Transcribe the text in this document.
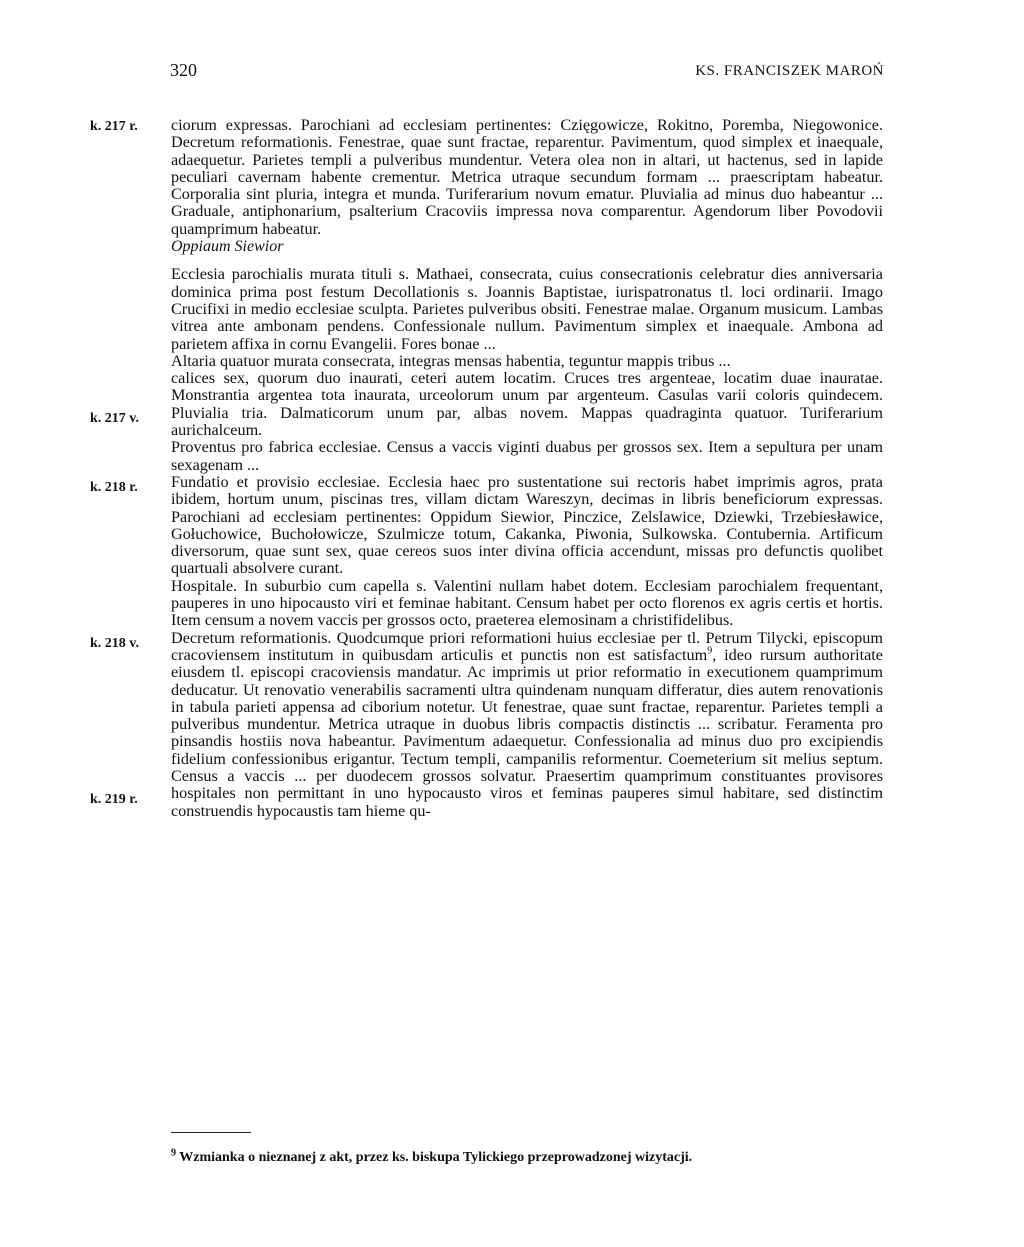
320	KS. FRANCISZEK MAROŃ
k. 217 r.
k. 217 v.
k. 218 r.
k. 218 v.
k. 219 r.

ciorum expressas. Parochiani ad ecclesiam pertinentes: Czięgowicze, Rokitno, Poremba, Niegowonice. Decretum reformationis. Fenestrae, quae sunt fractae, reparentur. Pavimentum, quod simplex et inaequale, adaequetur. Parietes templi a pulveribus mundentur. Vetera olea non in altari, ut hactenus, sed in lapide peculiari cavernam habente crementur. Metrica utraque secundum formam ... praescriptam habeatur. Corporalia sint pluria, integra et munda. Turiferarium novum ematur. Pluvialia ad minus duo habeantur ... Graduale, antiphonarium, psalterium Cracoviis impressa nova comparentur. Agendorum liber Povodovii quamprimum habeatur.

Oppiaum Siewior

Ecclesia parochialis murata tituli s. Mathaei, consecrata, cuius consecrationis celebratur dies anniversaria dominica prima post festum Decollationis s. Joannis Baptistae, iurispatronatus tl. loci ordinarii. Imago Crucifixi in medio ecclesiae sculpta. Parietes pulveribus obsiti. Fenestrae malae. Organum musicum. Lambas vitrea ante ambonam pendens. Confessionale nullum. Pavimentum simplex et inaequale. Ambona ad parietem affixa in cornu Evangelii. Fores bonae ...

Altaria quatuor murata consecrata, integras mensas habentia, teguntur mappis tribus ...

calices sex, quorum duo inaurati, ceteri autem locatim. Cruces tres argenteae, locatim duae inauratae. Monstrantia argentea tota inaurata, urceolorum unum par argenteum. Casulas varii coloris quindecem. Pluvialia tria. Dalmaticorum unum par, albas novem. Mappas quadraginta quatuor. Turiferarium aurichalceum.

Proventus pro fabrica ecclesiae. Census a vaccis viginti duabus per grossos sex. Item a sepultura per unam sexagenam ...

Fundatio et provisio ecclesiae. Ecclesia haec pro sustentatione sui rectoris habet imprimis agros, prata ibidem, hortum unum, piscinas tres, villam dictam Wareszyn, decimas in libris beneficiorum expressas. Parochiani ad ecclesiam pertinentes: Oppidum Siewior, Pinczice, Zelslawice, Dziewki, Trzebiesławice, Gołuchowice, Buchołowicze, Szulmicze totum, Cakanka, Piwonia, Sulkowska. Contubernia. Artificum diversorum, quae sunt sex, quae cereos suos inter divina officia accendunt, missas pro defunctis quolibet quartuali absolvere curant.

Hospitale. In suburbio cum capella s. Valentini nullam habet dotem. Ecclesiam parochialem frequentant, pauperes in uno hipocausto viri et feminae habitant. Censum habet per octo florenos ex agris certis et hortis. Item censum a novem vaccis per grossos octo, praeterea elemosinam a christifidelibus.

Decretum reformationis. Quodcumque priori reformationi huius ecclesiae per tl. Petrum Tilycki, episcopum cracoviensem institutum in quibusdam articulis et punctis non est satisfactum$^9$, ideo rursum authoritate eiusdem tl. episcopi cracoviensis mandatur. Ac imprimis ut prior reformatio in executionem quamprimum deducatur. Ut renovatio venerabilis sacramenti ultra quindenam nunquam differatur, dies autem renovationis in tabula parieti appensa ad ciborium notetur. Ut fenestrae, quae sunt fractae, reparentur. Parietes templi a pulveribus mundentur. Metrica utraque in duobus libris compactis distinctis ... scribatur. Feramenta pro pinsandis hostiis nova habeantur. Pavimentum adaequetur. Confessionalia ad minus duo pro excipiendis fidelium confessionibus erigantur. Tectum templi, campanilis reformentur. Coemeterium sit melius septum. Census a vaccis ... per duodecem grossos solvatur. Praesertim quamprimum constituantes provisores hospitales non permittant in uno hypocausto viros et feminas pauperes simul habitare, sed distinctim construendis hypocaustis tam hieme qu-

$^9$ Wzmianka o nieznanej z akt, przez ks. biskupa Tylickiego przeprowadzonej wizytacji.
